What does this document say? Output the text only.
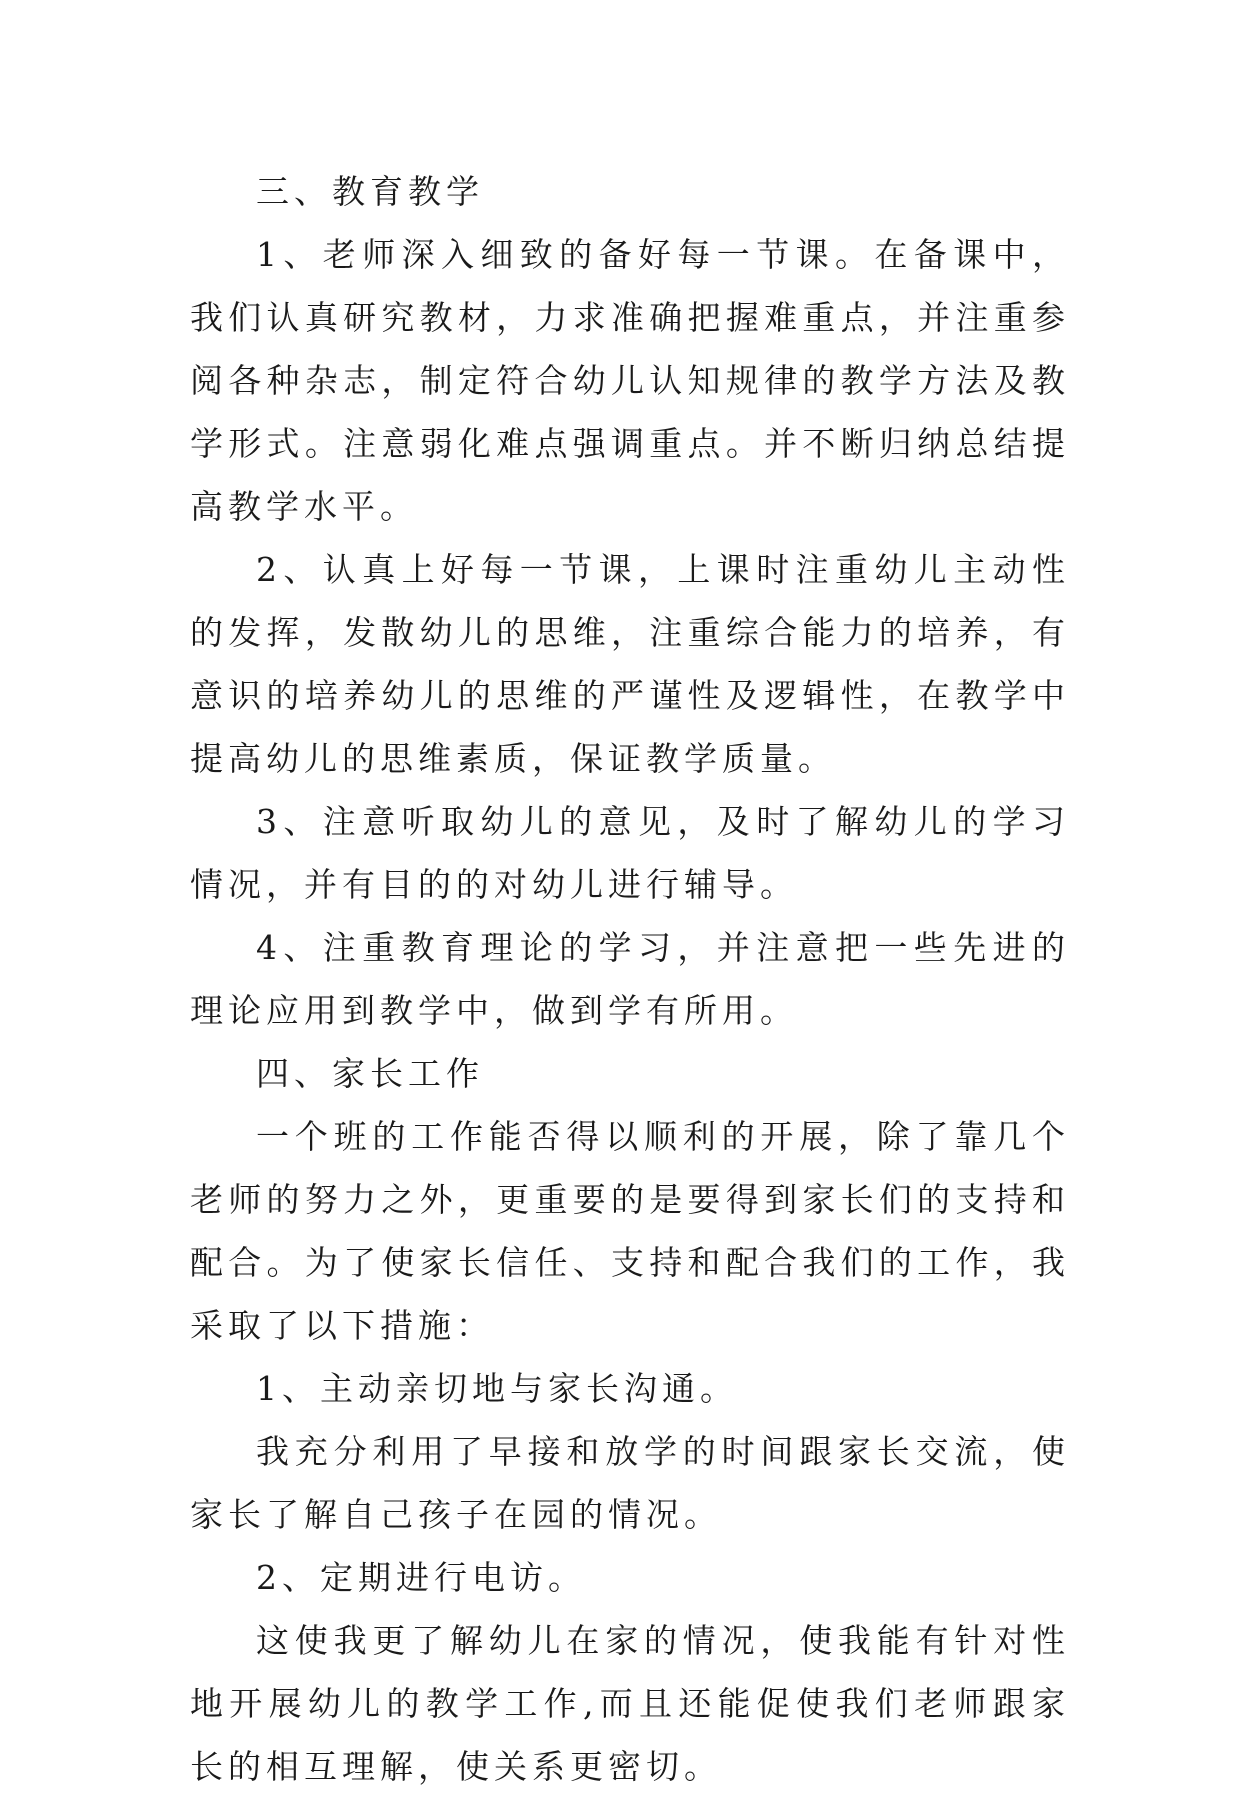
三、教育教学

1、老师深入细致的备好每一节课。在备课中，我们认真研究教材，力求准确把握难重点，并注重参阅各种杂志，制定符合幼儿认知规律的教学方法及教学形式。注意弱化难点强调重点。并不断归纳总结提高教学水平。

2、认真上好每一节课，上课时注重幼儿主动性的发挥，发散幼儿的思维，注重综合能力的培养，有意识的培养幼儿的思维的严谨性及逻辑性，在教学中提高幼儿的思维素质，保证教学质量。

3、注意听取幼儿的意见，及时了解幼儿的学习情况，并有目的的对幼儿进行辅导。

4、注重教育理论的学习，并注意把一些先进的理论应用到教学中，做到学有所用。

四、家长工作

一个班的工作能否得以顺利的开展，除了靠几个老师的努力之外，更重要的是要得到家长们的支持和配合。为了使家长信任、支持和配合我们的工作，我采取了以下措施：

1、主动亲切地与家长沟通。

我充分利用了早接和放学的时间跟家长交流，使家长了解自己孩子在园的情况。

2、定期进行电访。

这使我更了解幼儿在家的情况，使我能有针对性地开展幼儿的教学工作,而且还能促使我们老师跟家长的相互理解，使关系更密切。
